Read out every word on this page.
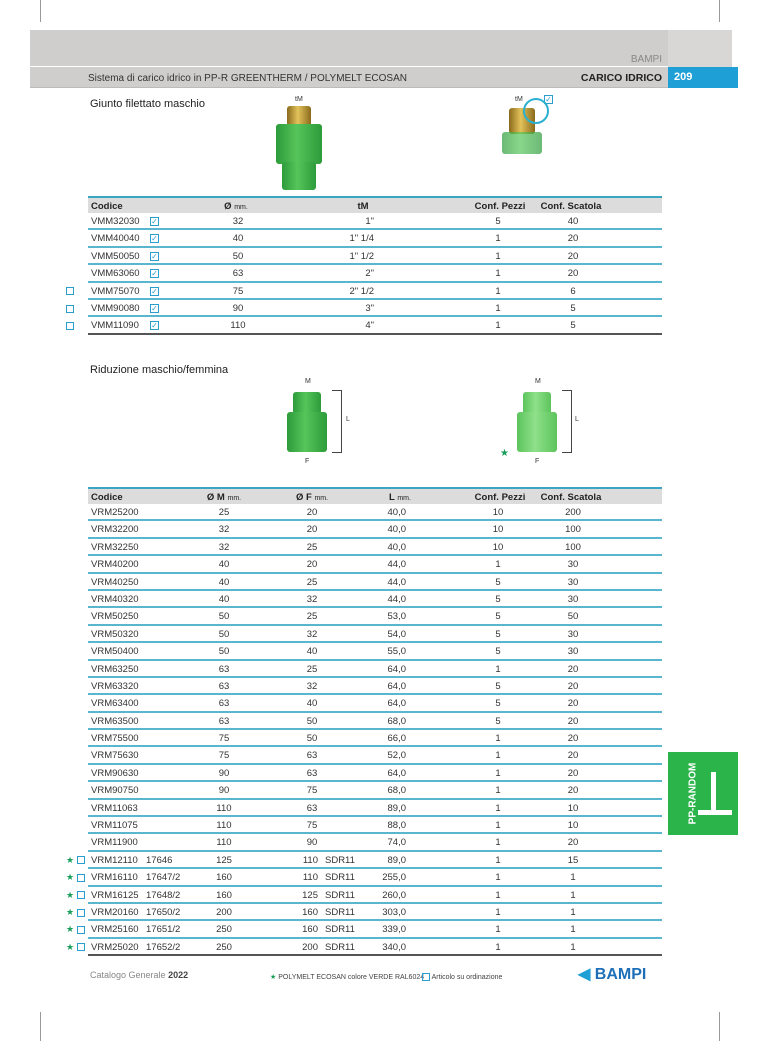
BAMPI
Sistema di carico idrico in PP-R GREENTHERM / POLYMELT ECOSAN	CARICO IDRICO	209
Giunto filettato maschio	tM	tM	✓
Codice	Ø mm.	tM	Conf. Pezzi Conf. Scatola
VMM32030 ✓	32	1"	5	40
VMM40040 ✓	40	1" 1/4	1	20
VMM50050 ✓	50	1" 1/2	1	20
VMM63060 ✓	63	2"	1	20
VMM75070 ✓	75	2" 1/2	1	6
VMM90080 ✓	90	3"	1	5
VMM11090 ✓	110	4"	1	5
Riduzione maschio/femmina
M
F
L
M
F
L
★
Codice	Ø M mm.	Ø F mm.	L mm.	Conf. Pezzi Conf. Scatola
VRM25200	25	20	40,0	10	200
VRM32200	32	20	40,0	10	100
VRM32250	32	25	40,0	10	100
VRM40200	40	20	44,0	1	30
VRM40250	40	25	44,0	5	30
VRM40320	40	32	44,0	5	30
VRM50250	50	25	53,0	5	50
VRM50320	50	32	54,0	5	30
VRM50400	50	40	55,0	5	30
VRM63250	63	25	64,0	1	20
VRM63320	63	32	64,0	5	20
VRM63400	63	40	64,0	5	20
VRM63500	63	50	68,0	5	20
VRM75500	75	50	66,0	1	20
VRM75630	75	63	52,0	1	20
VRM90630	90	63	64,0	1	20
VRM90750	90	75	68,0	1	20
VRM11063	110	63	89,0	1	10
VRM11075	110	75	88,0	1	10
VRM11900	110	90	74,0	1	20
★	VRM12110 17646	125	110 SDR11	89,0	1	15
★	VRM16110 17647/2	160	110 SDR11	255,0	1	1
★	VRM16125 17648/2	160	125 SDR11	260,0	1	1
★	VRM20160 17650/2	200	160 SDR11	303,0	1	1
★	VRM25160 17651/2	250	160 SDR11	339,0	1	1
★	VRM25020 17652/2	250	200 SDR11	340,0	1	1
PP-RANDOM
Catalogo Generale 2022	★ POLYMELT ECOSAN colore VERDE RAL6024	Articolo su ordinazione	◀ BAMPI
